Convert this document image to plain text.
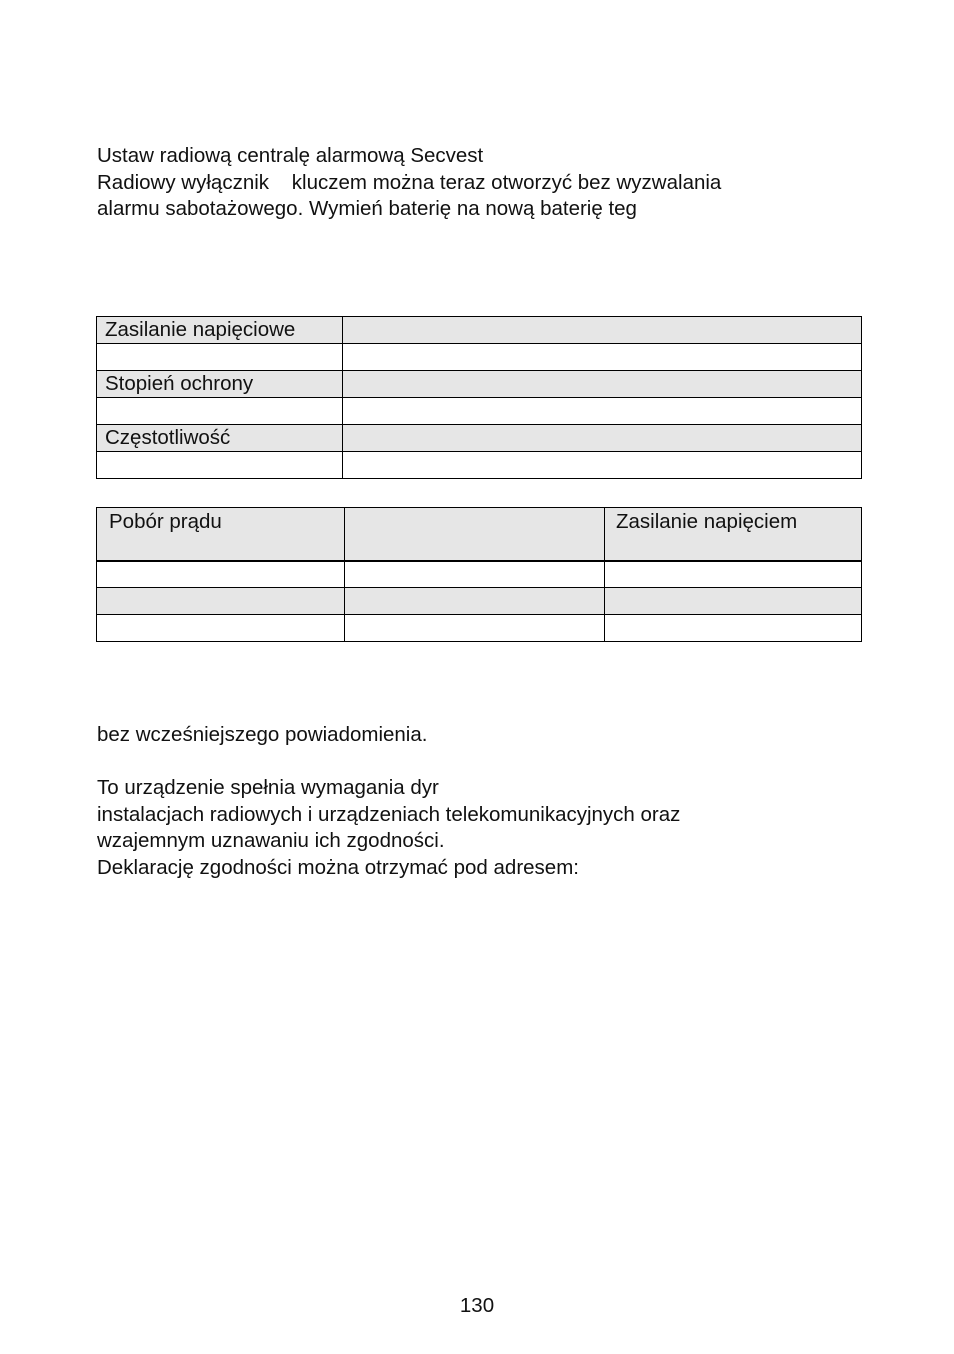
Ustaw radiową centralę alarmową Secvest
Radiowy wyłącznik    kluczem można teraz otworzyć bez wyzwalania
alarmu sabotażowego. Wymień baterię na nową baterię teg
Zasilanie napięciowe	

Stopień ochrony	

Częstotliwość	

Pobór prądu		Zasilanie napięciem

bez wcześniejszego powiadomienia.

To urządzenie spełnia wymagania dyr
instalacjach radiowych i urządzeniach telekomunikacyjnych oraz
wzajemnym uznawaniu ich zgodności.
Deklarację zgodności można otrzymać pod adresem:
130
